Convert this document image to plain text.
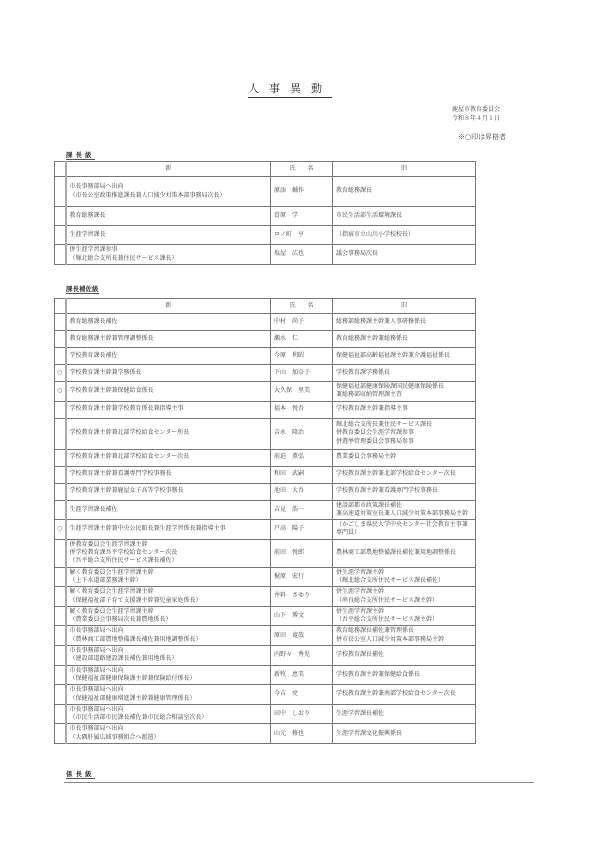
人事異動
鹿屋市教育委員会
令和８年４月１日
※○印は昇格者
課長級
	新	氏　　名	旧
	市長事務部局へ出向
（市長公室政策推進課長兼人口減少対策本部事務局次長）	原添　輔作	教育総務課長
	教育総務課長	曽原　学	市民生活部生活環境課長
	生涯学習課長	ロノ町　亨	（指宿市立山川小学校校長）
	併生涯学習課参事
（輝北総合支所長兼住民サービス課長）	塩屋　広也	議会事務局次長
課長補佐級
	新	氏　　名	旧
	教育総務課長補佐	中村　尚子	総務部総務課主幹兼人事研修係長
	教育総務課主幹兼管理調整係長	瀬水　仁	教育総務課主幹兼総務係長
	学校教育課長補佐	今原　利昭	保健福祉部高齢福祉課主幹兼介護福祉係長
○	学校教育課主幹兼学務係長	下山　加奈子	学校教育課学務係長
○	学校教育課主幹兼保健給食係長	大久保　里美	保健福祉部健康保険課国民健康保険係長
兼総務部収納管理課主査
	学校教育課主幹兼学校教育係長兼指導主事	福本　悦吾	学校教育課主幹兼指導主事
	学校教育課主幹兼北部学校給食センター所長	吉永　隆治	輝北総合支所長兼住民サービス課長
併教育委員会生涯学習課参事
併選挙管理委員会事務局参事
	学校教育課主幹兼北部学校給食センター次長	前迫　薫弘	農業委員会事務局主幹
	学校教育課主幹兼看護専門学校事務長	和田　武嗣	学校教育課主幹兼北部学校給食センター次長
	学校教育課主幹兼鹿屋女子高等学校事務長	池田　大吾	学校教育課主幹兼看護専門学校事務長
	生涯学習課長補佐	吉見　浩一	建設部都市政策課長補佐
兼高速道対策室長兼人口減少対策本部事務局主幹
○	生涯学習課主幹兼中央公民館長兼生涯学習係長兼指導主事	戸高　陽子	（かごしま県民大学中央センター社会教育主事兼専門員）
	併教育委員会生涯学習課主幹
併学校教育課吾平学校給食センター次長
（吾平総合支所住民サービス課長補佐）	前田　悦郎	農林商工部農地整備課長補佐兼用地調整係長
	解く教育委員会生涯学習課主幹
（上下水道部業務課主幹）	梶原　宏行	併生涯学習課主幹
（輝北総合支所住民サービス課長補佐）
	解く教育委員会生涯学習課主幹
（保健福祉部子育て支援課主幹兼児童家庭係長）	井料　さゆり	併生涯学習課主幹
（串良総合支所住民サービス課主幹）
	解く教育委員会生涯学習課主幹
（農業委員会事務局次長兼農地係長）	山下　博文	併生涯学習課主幹
（吾平総合支所住民サービス課主幹）
	市長事務部局へ出向
（農林商工部農地整備課長補佐兼用地調整係長）	原田　竜哉	教育総務課長補佐兼管理係長
併市長公室人口減少対策本部事務局主幹
	市長事務部局へ出向
（建設部道路建設課長補佐兼用地係長）	内野々　秀児	学校教育課長補佐
	市長事務部局へ出向
（保健福祉部健康保険課主幹兼保険給付係長）	新牧　恵美	学校教育課主幹兼保健給食係長
	市長事務部局へ出向
（保健福祉部健康増進課主幹兼健康管理係長）	今吉　亮	学校教育課主幹兼南部学校給食センター次長
	市長事務部局へ出向
（市民生活部市民課長補佐兼市民総合相談室次長）	田中　しおり	生涯学習課長補佐
	市長事務部局へ出向
（大隅肝属広域事務組合へ派遣）	山元　修也	生涯学習課文化振興係長
係長級
